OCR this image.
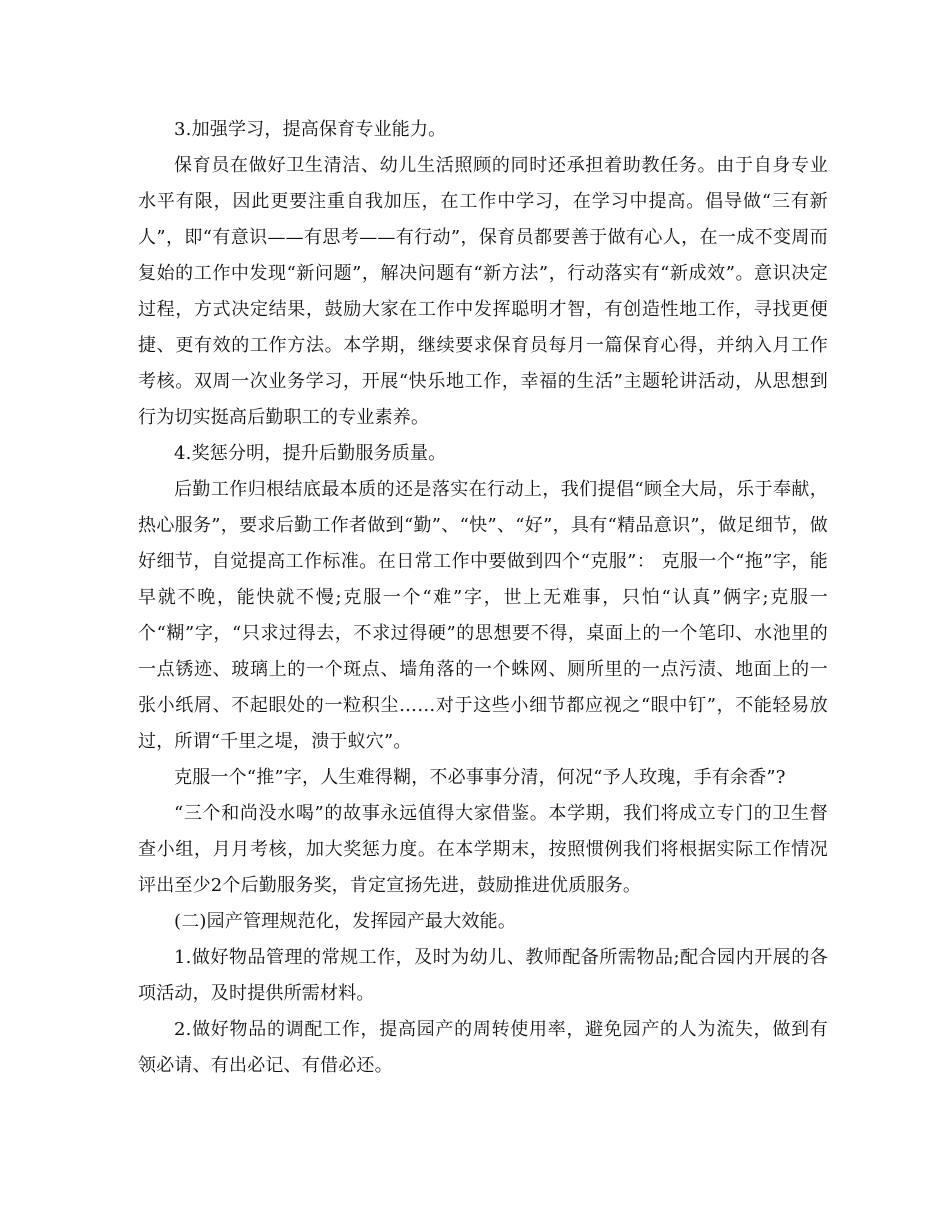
3.加强学习，提高保育专业能力。

保育员在做好卫生清洁、幼儿生活照顾的同时还承担着助教任务。由于自身专业水平有限，因此更要注重自我加压，在工作中学习，在学习中提高。倡导做“三有新人”，即“有意识——有思考——有行动”，保育员都要善于做有心人，在一成不变周而复始的工作中发现“新问题”，解决问题有“新方法”，行动落实有“新成效”。意识决定过程，方式决定结果，鼓励大家在工作中发挥聪明才智，有创造性地工作，寻找更便捷、更有效的工作方法。本学期，继续要求保育员每月一篇保育心得，并纳入月工作考核。双周一次业务学习，开展“快乐地工作，幸福的生活”主题轮讲活动，从思想到行为切实挺高后勤职工的专业素养。

4.奖惩分明，提升后勤服务质量。

后勤工作归根结底最本质的还是落实在行动上，我们提倡“顾全大局，乐于奉献，热心服务”，要求后勤工作者做到“勤”、“快”、“好”，具有“精品意识”，做足细节，做好细节，自觉提高工作标准。在日常工作中要做到四个“克服”： 克服一个“拖”字，能早就不晚，能快就不慢;克服一个“难”字，世上无难事，只怕“认真”俩字;克服一个“糊”字，“只求过得去，不求过得硬”的思想要不得，桌面上的一个笔印、水池里的一点锈迹、玻璃上的一个斑点、墙角落的一个蛛网、厕所里的一点污渍、地面上的一张小纸屑、不起眼处的一粒积尘……对于这些小细节都应视之“眼中钉”，不能轻易放过，所谓“千里之堤，溃于蚁穴”。

克服一个“推”字，人生难得糊，不必事事分清，何况“予人玫瑰，手有余香”?

“三个和尚没水喝”的故事永远值得大家借鉴。本学期，我们将成立专门的卫生督查小组，月月考核，加大奖惩力度。在本学期末，按照惯例我们将根据实际工作情况评出至少2个后勤服务奖，肯定宣扬先进，鼓励推进优质服务。

(二)园产管理规范化，发挥园产最大效能。

1.做好物品管理的常规工作，及时为幼儿、教师配备所需物品;配合园内开展的各项活动，及时提供所需材料。

2.做好物品的调配工作，提高园产的周转使用率，避免园产的人为流失，做到有领必请、有出必记、有借必还。
